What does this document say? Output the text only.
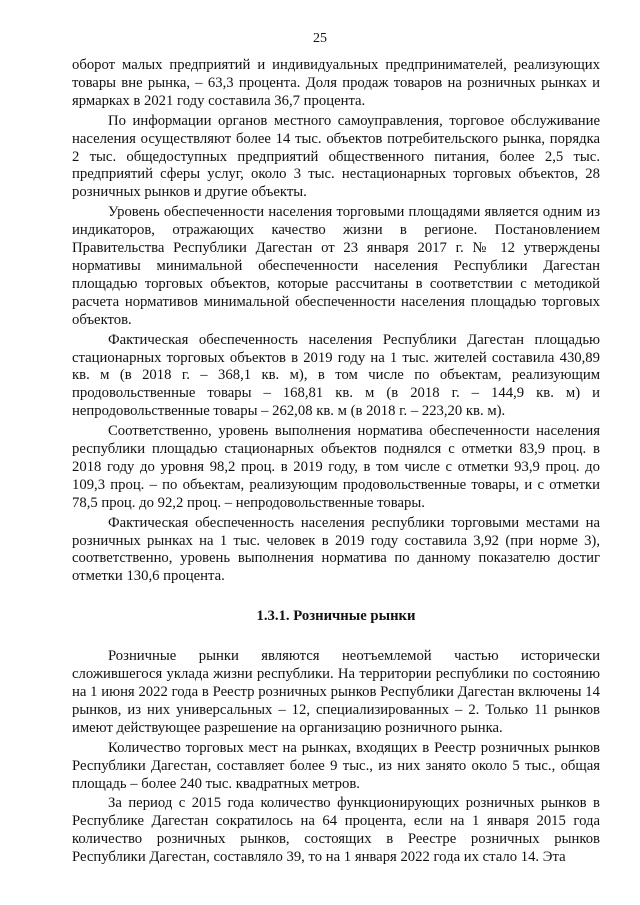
25

оборот малых предприятий и индивидуальных предпринимателей, реализующих товары вне рынка, – 63,3 процента. Доля продаж товаров на розничных рынках и ярмарках в 2021 году составила 36,7 процента.

По информации органов местного самоуправления, торговое обслуживание населения осуществляют более 14 тыс. объектов потребительского рынка, порядка 2 тыс. общедоступных предприятий общественного питания, более 2,5 тыс. предприятий сферы услуг, около 3 тыс. нестационарных торговых объектов, 28 розничных рынков и другие объекты.

Уровень обеспеченности населения торговыми площадями является одним из индикаторов, отражающих качество жизни в регионе. Постановлением Правительства Республики Дагестан от 23 января 2017 г. № 12 утверждены нормативы минимальной обеспеченности населения Республики Дагестан площадью торговых объектов, которые рассчитаны в соответствии с методикой расчета нормативов минимальной обеспеченности населения площадью торговых объектов.

Фактическая обеспеченность населения Республики Дагестан площадью стационарных торговых объектов в 2019 году на 1 тыс. жителей составила 430,89 кв. м (в 2018 г. – 368,1 кв. м), в том числе по объектам, реализующим продовольственные товары – 168,81 кв. м (в 2018 г. – 144,9 кв. м) и непродовольственные товары – 262,08 кв. м (в 2018 г. – 223,20 кв. м).

Соответственно, уровень выполнения норматива обеспеченности населения республики площадью стационарных объектов поднялся с отметки 83,9 проц. в 2018 году до уровня 98,2 проц. в 2019 году, в том числе с отметки 93,9 проц. до 109,3 проц. – по объектам, реализующим продовольственные товары, и с отметки 78,5 проц. до 92,2 проц. – непродовольственные товары.

Фактическая обеспеченность населения республики торговыми местами на розничных рынках на 1 тыс. человек в 2019 году составила 3,92 (при норме 3), соответственно, уровень выполнения норматива по данному показателю достиг отметки 130,6 процента.

1.3.1. Розничные рынки

Розничные рынки являются неотъемлемой частью исторически сложившегося уклада жизни республики. На территории республики по состоянию на 1 июня 2022 года в Реестр розничных рынков Республики Дагестан включены 14 рынков, из них универсальных – 12, специализированных – 2. Только 11 рынков имеют действующее разрешение на организацию розничного рынка.

Количество торговых мест на рынках, входящих в Реестр розничных рынков Республики Дагестан, составляет более 9 тыс., из них занято около 5 тыс., общая площадь – более 240 тыс. квадратных метров.

За период с 2015 года количество функционирующих розничных рынков в Республике Дагестан сократилось на 64 процента, если на 1 января 2015 года количество розничных рынков, состоящих в Реестре розничных рынков Республики Дагестан, составляло 39, то на 1 января 2022 года их стало 14. Эта
